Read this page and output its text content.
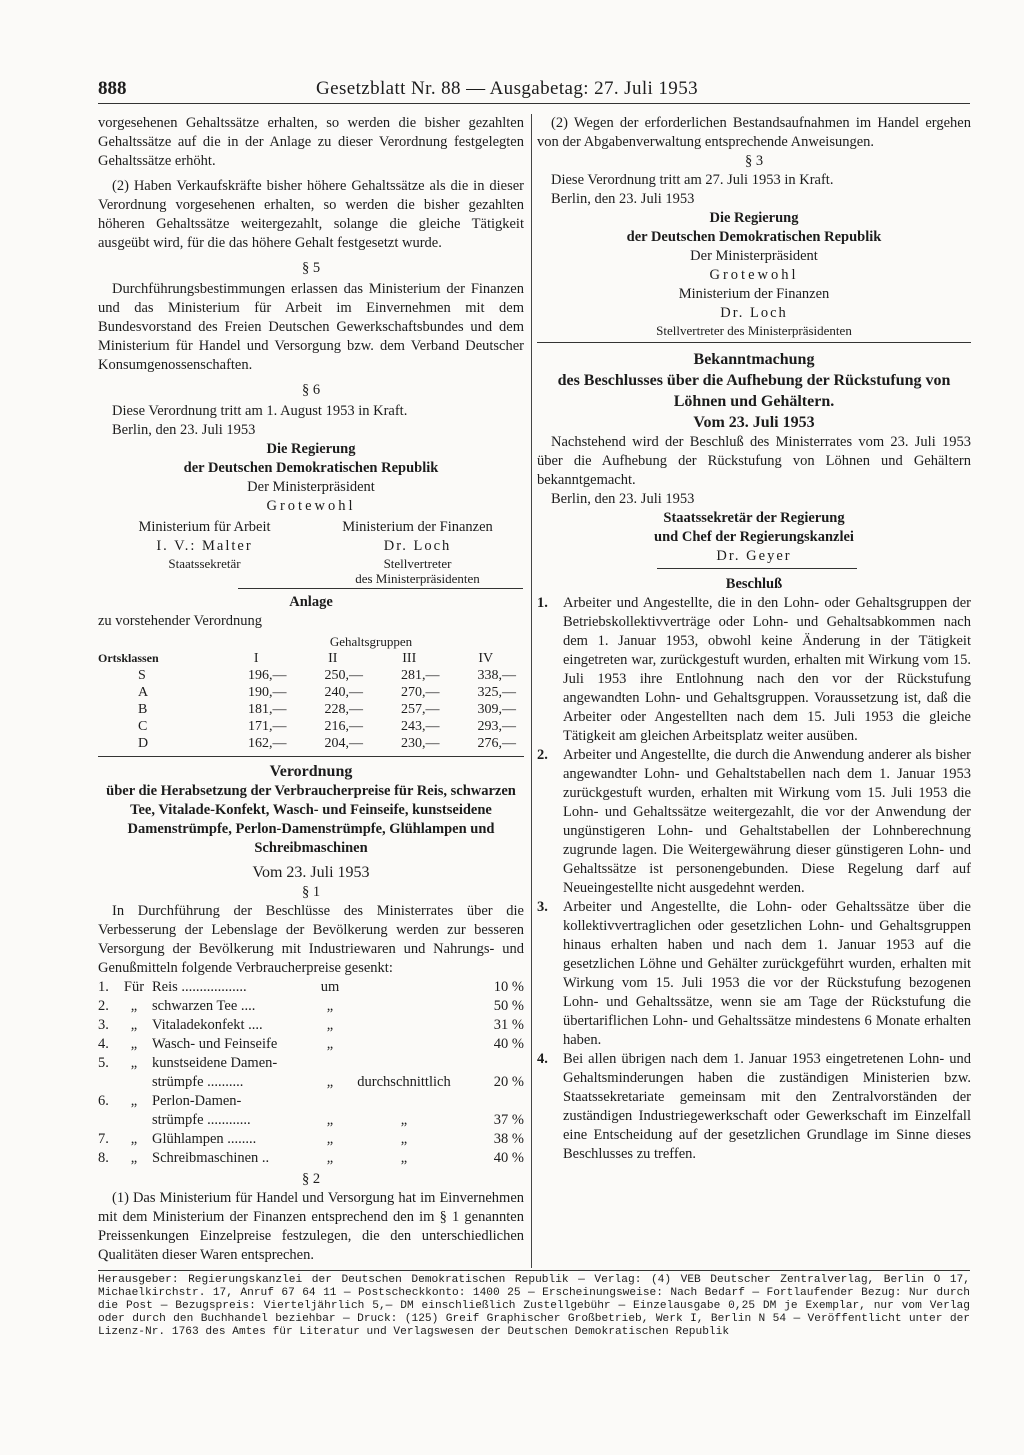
888	Gesetzblatt Nr. 88 — Ausgabetag: 27. Juli 1953

vorgesehenen Gehaltssätze erhalten, so werden die bisher gezahlten Gehaltssätze auf die in der Anlage zu dieser Verordnung festgelegten Gehaltssätze erhöht.

(2) Haben Verkaufskräfte bisher höhere Gehaltssätze als die in dieser Verordnung vorgesehenen erhalten, so werden die bisher gezahlten höheren Gehaltssätze weitergezahlt, solange die gleiche Tätigkeit ausgeübt wird, für die das höhere Gehalt festgesetzt wurde.

§ 5

Durchführungsbestimmungen erlassen das Ministerium der Finanzen und das Ministerium für Arbeit im Einvernehmen mit dem Bundesvorstand des Freien Deutschen Gewerkschaftsbundes und dem Ministerium für Handel und Versorgung bzw. dem Verband Deutscher Konsumgenossenschaften.

§ 6

Diese Verordnung tritt am 1. August 1953 in Kraft.

Berlin, den 23. Juli 1953

Die Regierung

der Deutschen Demokratischen Republik

Der Ministerpräsident

Grotewohl

Ministerium für Arbeit
I. V.: Malter
Staatssekretär
Ministerium der Finanzen
Dr. Loch
Stellvertreter
des Ministerpräsidenten

Anlage

zu vorstehender Verordnung

	Gehaltsgruppen			
Ortsklassen	I	II	III	IV
S	196,—	250,—	281,—	338,—
A	190,—	240,—	270,—	325,—
B	181,—	228,—	257,—	309,—
C	171,—	216,—	243,—	293,—
D	162,—	204,—	230,—	276,—

Verordnung

über die Herabsetzung der Verbraucherpreise für Reis, schwarzen Tee, Vitalade-Konfekt, Wasch- und Feinseife, kunstseidene Damenstrümpfe, Perlon-Damenstrümpfe, Glühlampen und Schreibmaschinen

Vom 23. Juli 1953

§ 1

In Durchführung der Beschlüsse des Ministerrates über die Verbesserung der Lebenslage der Bevölkerung werden zur besseren Versorgung der Bevölkerung mit Industriewaren und Nahrungs- und Genußmitteln folgende Verbraucherpreise gesenkt:

1.	Für Reis ..................	um	10 %
2.	„	schwarzen Tee ....	„	50 %
3.	„	Vitaladekonfekt ....	„	31 %
4.	„	Wasch- und Feinseife	„	40 %
5.	„	kunstseidene Damen-
strümpfe ..........	„	durchschnittlich	20 %
6.	„	Perlon-Damen-
strümpfe ............	„	„	37 %
7.	„	Glühlampen ........	„	„	38 %
8.	„	Schreibmaschinen ..	„	„	40 %

§ 2

(1) Das Ministerium für Handel und Versorgung hat im Einvernehmen mit dem Ministerium der Finanzen entsprechend den im § 1 genannten Preissenkungen Einzelpreise festzulegen, die den unterschiedlichen Qualitäten dieser Waren entsprechen.

(2) Wegen der erforderlichen Bestandsaufnahmen im Handel ergehen von der Abgabenverwaltung entsprechende Anweisungen.

§ 3

Diese Verordnung tritt am 27. Juli 1953 in Kraft.

Berlin, den 23. Juli 1953

Die Regierung

der Deutschen Demokratischen Republik

Der Ministerpräsident

Grotewohl

Ministerium der Finanzen

Dr. Loch

Stellvertreter des Ministerpräsidenten

Bekanntmachung

des Beschlusses über die Aufhebung der Rückstufung von Löhnen und Gehältern.

Vom 23. Juli 1953

Nachstehend wird der Beschluß des Ministerrates vom 23. Juli 1953 über die Aufhebung der Rückstufung von Löhnen und Gehältern bekanntgemacht.

Berlin, den 23. Juli 1953

Staatssekretär der Regierung

und Chef der Regierungskanzlei

Dr. Geyer

Beschluß

1. Arbeiter und Angestellte, die in den Lohn- oder Gehaltsgruppen der Betriebskollektivverträge oder Lohn- und Gehaltsabkommen nach dem 1. Januar 1953, obwohl keine Änderung in der Tätigkeit eingetreten war, zurückgestuft wurden, erhalten mit Wirkung vom 15. Juli 1953 ihre Entlohnung nach den vor der Rückstufung angewandten Lohn- und Gehaltsgruppen. Voraussetzung ist, daß die Arbeiter oder Angestellten nach dem 15. Juli 1953 die gleiche Tätigkeit am gleichen Arbeitsplatz weiter ausüben.
2. Arbeiter und Angestellte, die durch die Anwendung anderer als bisher angewandter Lohn- und Gehaltstabellen nach dem 1. Januar 1953 zurückgestuft wurden, erhalten mit Wirkung vom 15. Juli 1953 die Lohn- und Gehaltssätze weitergezahlt, die vor der Anwendung der ungünstigeren Lohn- und Gehaltstabellen der Lohnberechnung zugrunde lagen. Die Weitergewährung dieser günstigeren Lohn- und Gehaltssätze ist personengebunden. Diese Regelung darf auf Neueingestellte nicht ausgedehnt werden.
3. Arbeiter und Angestellte, die Lohn- oder Gehaltssätze über die kollektivvertraglichen oder gesetzlichen Lohn- und Gehaltsgruppen hinaus erhalten haben und nach dem 1. Januar 1953 auf die gesetzlichen Löhne und Gehälter zurückgeführt wurden, erhalten mit Wirkung vom 15. Juli 1953 die vor der Rückstufung bezogenen Lohn- und Gehaltssätze, wenn sie am Tage der Rückstufung die übertariflichen Lohn- und Gehaltssätze mindestens 6 Monate erhalten haben.
4. Bei allen übrigen nach dem 1. Januar 1953 eingetretenen Lohn- und Gehaltsminderungen haben die zuständigen Ministerien bzw. Staatssekretariate gemeinsam mit den Zentralvorständen der zuständigen Industriegewerkschaft oder Gewerkschaft im Einzelfall eine Entscheidung auf der gesetzlichen Grundlage im Sinne dieses Beschlusses zu treffen.
Herausgeber: Regierungskanzlei der Deutschen Demokratischen Republik — Verlag: (4) VEB Deutscher Zentralverlag, Berlin O 17, Michaelkirchstr. 17, Anruf 67 64 11 — Postscheckkonto: 1400 25 — Erscheinungsweise: Nach Bedarf — Fortlaufender Bezug: Nur durch die Post — Bezugspreis: Vierteljährlich 5,— DM einschließlich Zustellgebühr — Einzelausgabe 0,25 DM je Exemplar, nur vom Verlag oder durch den Buchhandel beziehbar — Druck: (125) Greif Graphischer Großbetrieb, Werk I, Berlin N 54 — Veröffentlicht unter der Lizenz-Nr. 1763 des Amtes für Literatur und Verlagswesen der Deutschen Demokratischen Republik
